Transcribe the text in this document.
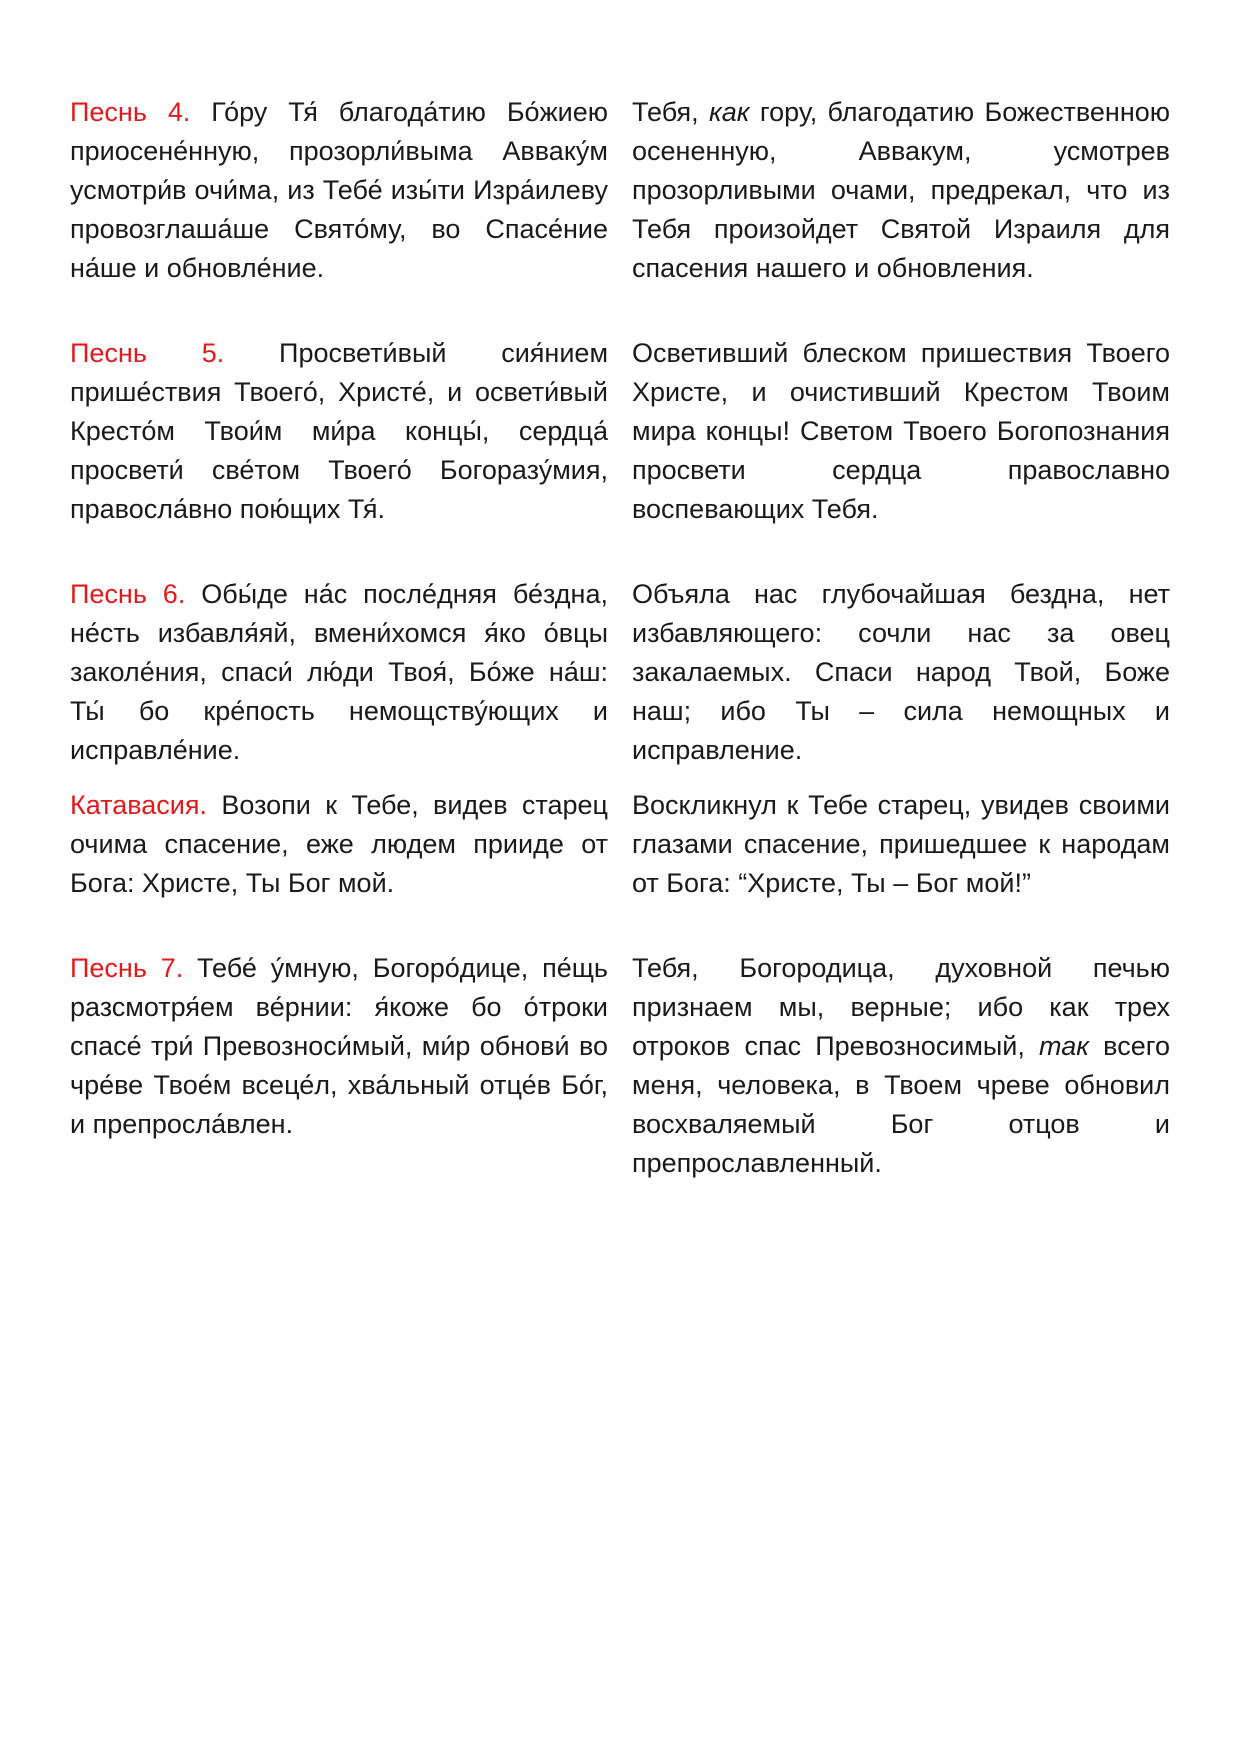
Песнь 4. Го́ру Тя́ благода́тию Бо́жиею приосене́нную, прозорли́выма Авваку́м усмотри́в очи́ма, из Тебе́ изы́ти Изра́илеву провозглаша́ше Свято́му, во Спасе́ние на́ше и обновле́ние.

Тебя, как гору, благодатию Божественною осененную, Аввакум, усмотрев прозорливыми очами, предрекал, что из Тебя произойдет Святой Израиля для спасения нашего и обновления.

Песнь 5. Просвети́вый сия́нием прише́ствия Твоего́, Христе́, и освети́вый Кресто́м Твои́м ми́ра концы́, сердца́ просвети́ све́том Твоего́ Богоразу́мия, правосла́вно пою́щих Тя́.

Осветивший блеском пришествия Твоего Христе, и очистивший Крестом Твоим мира концы! Светом Твоего Богопознания просвети сердца православно воспевающих Тебя.

Песнь 6. Обы́де на́с после́дняя бе́здна, не́сть избавля́яй, вмени́хомся я́ко о́вцы заколе́ния, спаси́ лю́ди Твоя́, Бо́же на́ш: Ты́ бо кре́пость немощству́ющих и исправле́ние.

Объяла нас глубочайшая бездна, нет избавляющего: сочли нас за овец закалаемых. Спаси народ Твой, Боже наш; ибо Ты – сила немощных и исправление.

Катавасия. Возопи к Тебе, видев старец очима спасение, еже людем прииде от Бога: Христе, Ты Бог мой.

Воскликнул к Тебе старец, увидев своими глазами спасение, пришедшее к народам от Бога: “Христе, Ты – Бог мой!”

Песнь 7. Тебе́ у́мную, Богоро́дице, пе́щь разсмотря́ем ве́рнии: я́коже бо о́троки спасе́ три́ Превозноси́мый, ми́р обнови́ во чре́ве Твое́м всеце́л, хва́льный отце́в Бо́г, и препросла́влен.

Тебя, Богородица, духовной печью признаем мы, верные; ибо как трех отроков спас Превозносимый, так всего меня, человека, в Твоем чреве обновил восхваляемый Бог отцов и препрославленный.
